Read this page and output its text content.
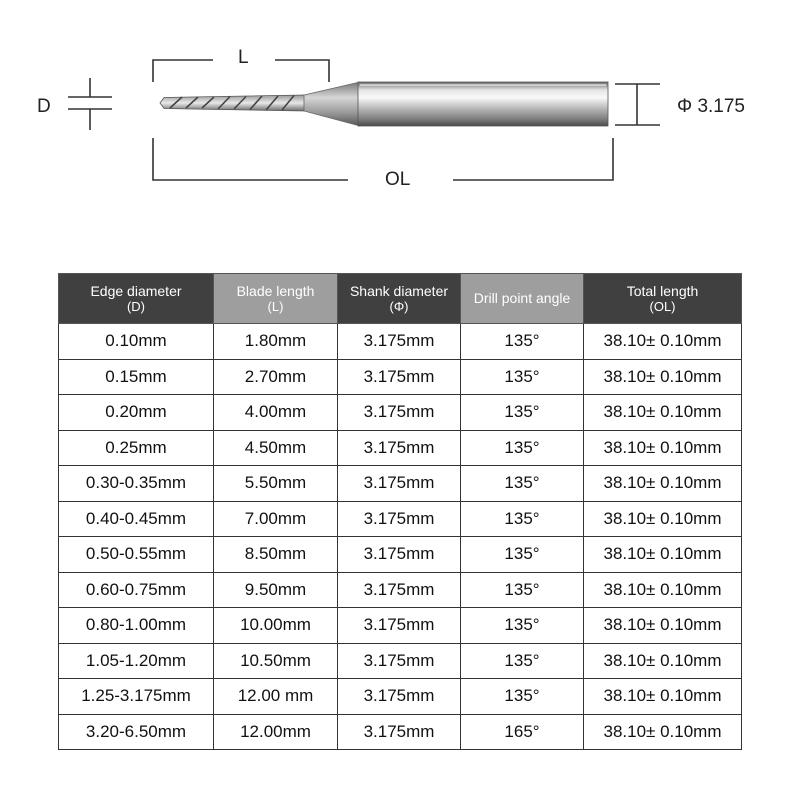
D
L
Φ 3.175
OL
Edge diameter
(D)	Blade length
(L)	Shank diameter
(Φ)	Drill point angle	Total length
(OL)

0.10mm	1.80mm	3.175mm	135°	38.10± 0.10mm
0.15mm	2.70mm	3.175mm	135°	38.10± 0.10mm
0.20mm	4.00mm	3.175mm	135°	38.10± 0.10mm
0.25mm	4.50mm	3.175mm	135°	38.10± 0.10mm
0.30-0.35mm	5.50mm	3.175mm	135°	38.10± 0.10mm
0.40-0.45mm	7.00mm	3.175mm	135°	38.10± 0.10mm
0.50-0.55mm	8.50mm	3.175mm	135°	38.10± 0.10mm
0.60-0.75mm	9.50mm	3.175mm	135°	38.10± 0.10mm
0.80-1.00mm	10.00mm	3.175mm	135°	38.10± 0.10mm
1.05-1.20mm	10.50mm	3.175mm	135°	38.10± 0.10mm
1.25-3.175mm	12.00 mm	3.175mm	135°	38.10± 0.10mm
3.20-6.50mm	12.00mm	3.175mm	165°	38.10± 0.10mm
